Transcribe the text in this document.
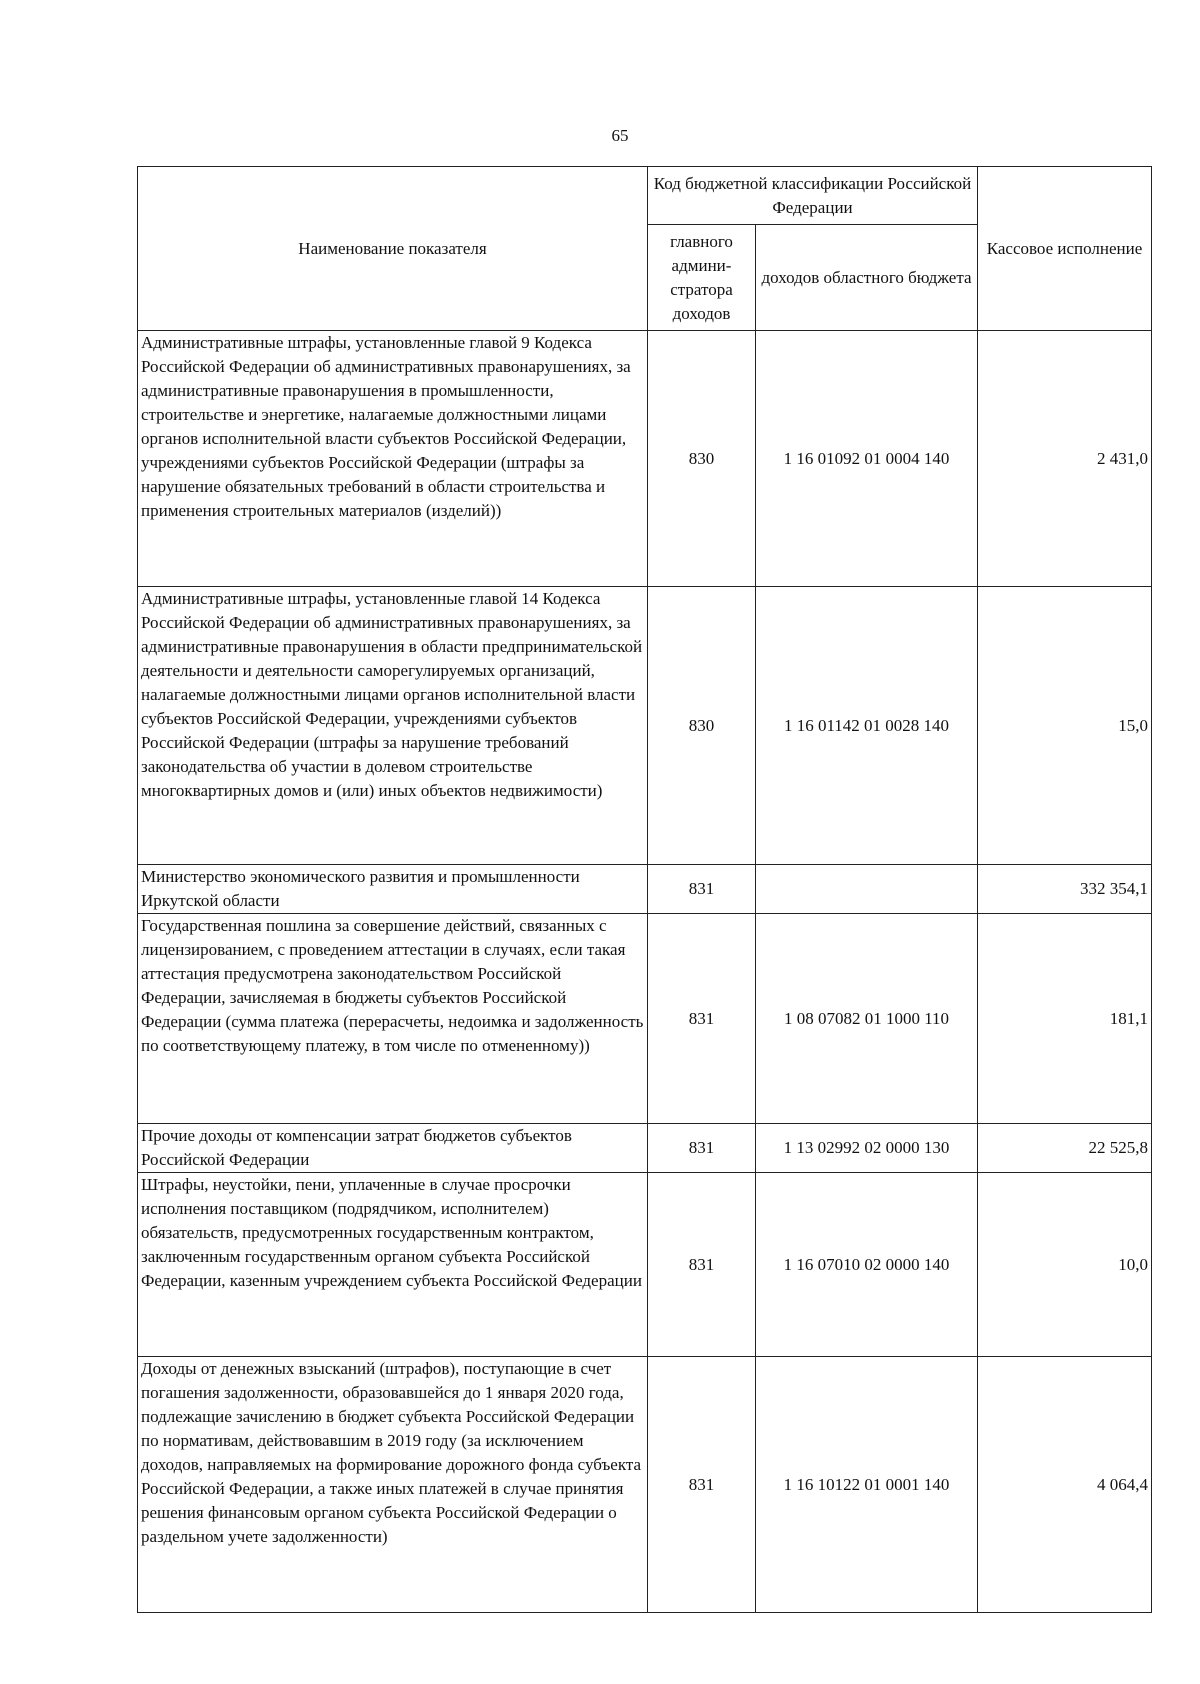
65
Наименование показателя	Код бюджетной классификации Российской Федерации		Кассовое исполнение
	главного админи-стратора доходов	доходов областного бюджета	
Административные штрафы, установленные главой 9 Кодекса Российской Федерации об административных правонарушениях, за административные правонарушения в промышленности, строительстве и энергетике, налагаемые должностными лицами органов исполнительной власти субъектов Российской Федерации, учреждениями субъектов Российской Федерации (штрафы за нарушение обязательных требований в области строительства и применения строительных материалов (изделий))	830	1 16 01092 01 0004 140	2 431,0
Административные штрафы, установленные главой 14 Кодекса Российской Федерации об административных правонарушениях, за административные правонарушения в области предпринимательской деятельности и деятельности саморегулируемых организаций, налагаемые должностными лицами органов исполнительной власти субъектов Российской Федерации, учреждениями субъектов Российской Федерации (штрафы за нарушение требований законодательства об участии в долевом строительстве многоквартирных домов и (или) иных объектов недвижимости)	830	1 16 01142 01 0028 140	15,0
Министерство экономического развития и промышленности Иркутской области	831		332 354,1
Государственная пошлина за совершение действий, связанных с лицензированием, с проведением аттестации в случаях, если такая аттестация предусмотрена законодательством Российской Федерации, зачисляемая в бюджеты субъектов Российской Федерации (сумма платежа (перерасчеты, недоимка и задолженность по соответствующему платежу, в том числе по отмененному))	831	1 08 07082 01 1000 110	181,1
Прочие доходы от компенсации затрат бюджетов субъектов Российской Федерации	831	1 13 02992 02 0000 130	22 525,8
Штрафы, неустойки, пени, уплаченные в случае просрочки исполнения поставщиком (подрядчиком, исполнителем) обязательств, предусмотренных государственным контрактом, заключенным государственным органом субъекта Российской Федерации, казенным учреждением субъекта Российской Федерации	831	1 16 07010 02 0000 140	10,0
Доходы от денежных взысканий (штрафов), поступающие в счет погашения задолженности, образовавшейся до 1 января 2020 года, подлежащие зачислению в бюджет субъекта Российской Федерации по нормативам, действовавшим в 2019 году (за исключением доходов, направляемых на формирование дорожного фонда субъекта Российской Федерации, а также иных платежей в случае принятия решения финансовым органом субъекта Российской Федерации о раздельном учете задолженности)	831	1 16 10122 01 0001 140	4 064,4
